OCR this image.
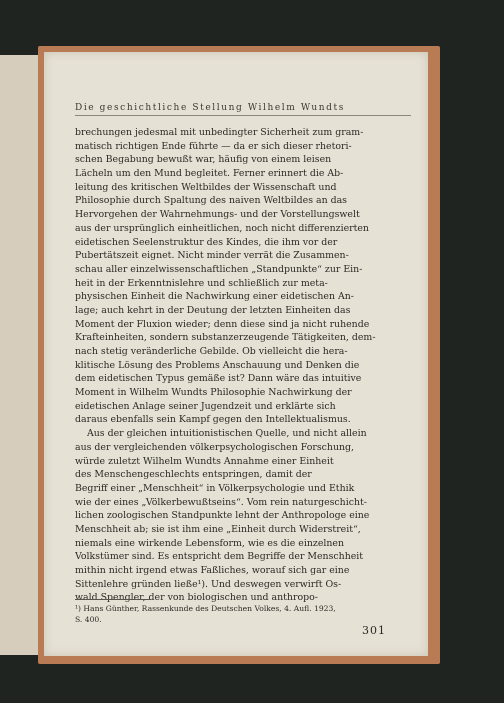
Die geschichtliche Stellung Wilhelm Wundts
brechungen jedesmal mit unbedingter Sicherheit zum gram-
matisch richtigen Ende führte — da er sich dieser rhetori-
schen Begabung bewußt war, häufig von einem leisen
Lächeln um den Mund begleitet. Ferner erinnert die Ab-
leitung des kritischen Weltbildes der Wissenschaft und
Philosophie durch Spaltung des naiven Weltbildes an das
Hervorgehen der Wahrnehmungs- und der Vorstellungswelt
aus der ursprünglich einheitlichen, noch nicht differenzierten
eidetischen Seelenstruktur des Kindes, die ihm vor der
Pubertätszeit eignet. Nicht minder verrät die Zusammen-
schau aller einzelwissenschaftlichen „Standpunkte“ zur Ein-
heit in der Erkenntnislehre und schließlich zur meta-
physischen Einheit die Nachwirkung einer eidetischen An-
lage; auch kehrt in der Deutung der letzten Einheiten das
Moment der Fluxion wieder; denn diese sind ja nicht ruhende
Krafteinheiten, sondern substanzerzeugende Tätigkeiten, dem-
nach stetig veränderliche Gebilde. Ob vielleicht die hera-
klitische Lösung des Problems Anschauung und Denken die
dem eidetischen Typus gemäße ist? Dann wäre das intuitive
Moment in Wilhelm Wundts Philosophie Nachwirkung der
eidetischen Anlage seiner Jugendzeit und erklärte sich
daraus ebenfalls sein Kampf gegen den Intellektualismus.
Aus der gleichen intuitionistischen Quelle, und nicht allein
aus der vergleichenden völkerpsychologischen Forschung,
würde zuletzt Wilhelm Wundts Annahme einer Einheit
des Menschengeschlechts entspringen, damit der
Begriff einer „Menschheit“ in Völkerpsychologie und Ethik
wie der eines „Völkerbewußtseins“. Vom rein naturgeschicht-
lichen zoologischen Standpunkte lehnt der Anthropologe eine
Menschheit ab; sie ist ihm eine „Einheit durch Widerstreit“,
niemals eine wirkende Lebensform, wie es die einzelnen
Volkstümer sind. Es entspricht dem Begriffe der Menschheit
mithin nicht irgend etwas Faßliches, worauf sich gar eine
Sittenlehre gründen ließe¹). Und deswegen verwirft Os-
wald Spengler, der von biologischen und anthropo-
¹) Hans Günther, Rassenkunde des Deutschen Volkes, 4. Aufl. 1923,
S. 400.
301
